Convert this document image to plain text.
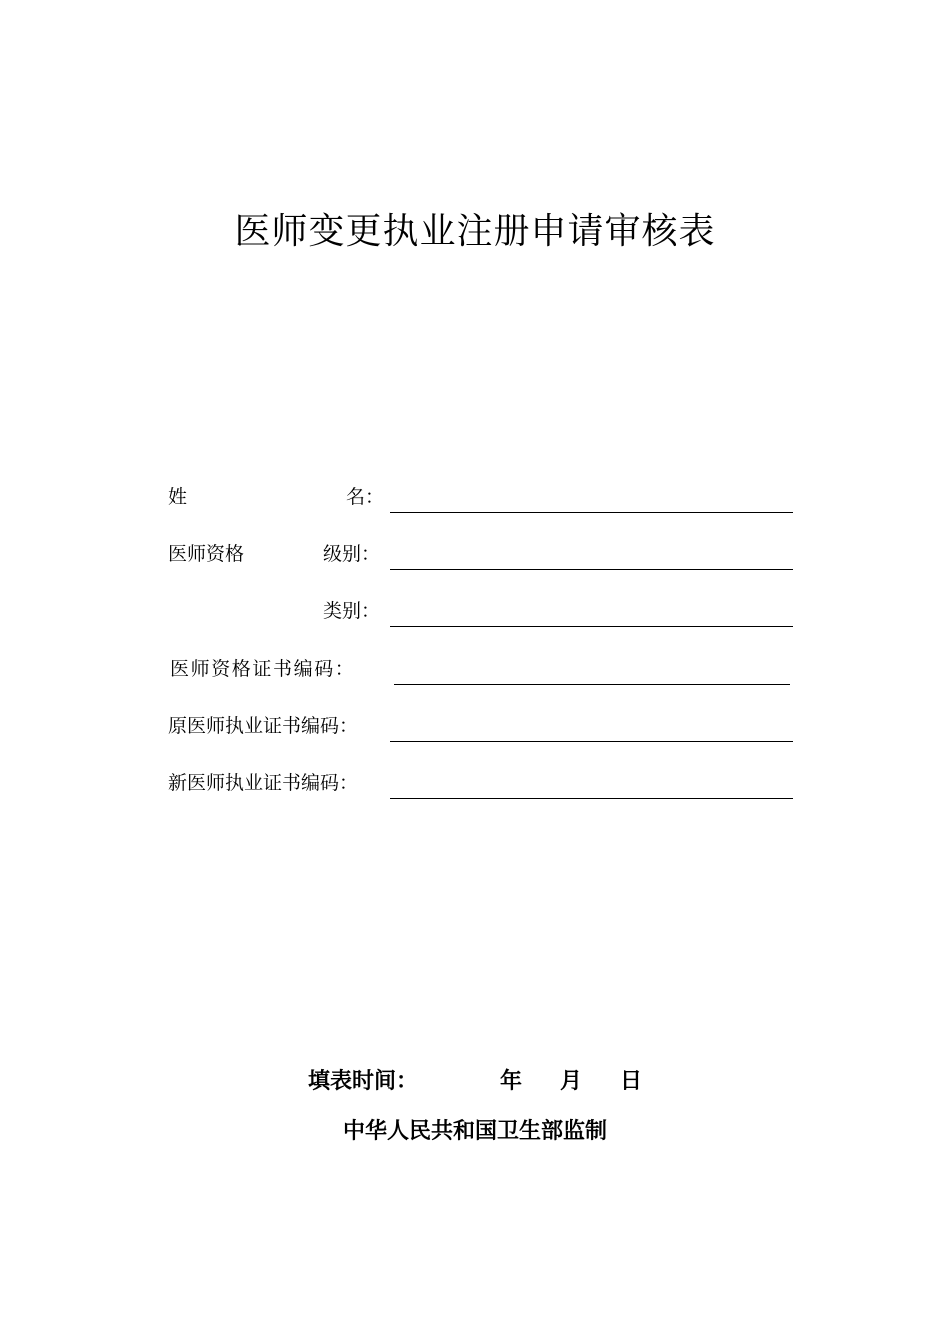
医师变更执业注册申请审核表
姓	名：
医师资格	级别：
类别：
医师资格证书编码：
原医师执业证书编码：
新医师执业证书编码：
填表时间：	年 月 日
中华人民共和国卫生部监制
